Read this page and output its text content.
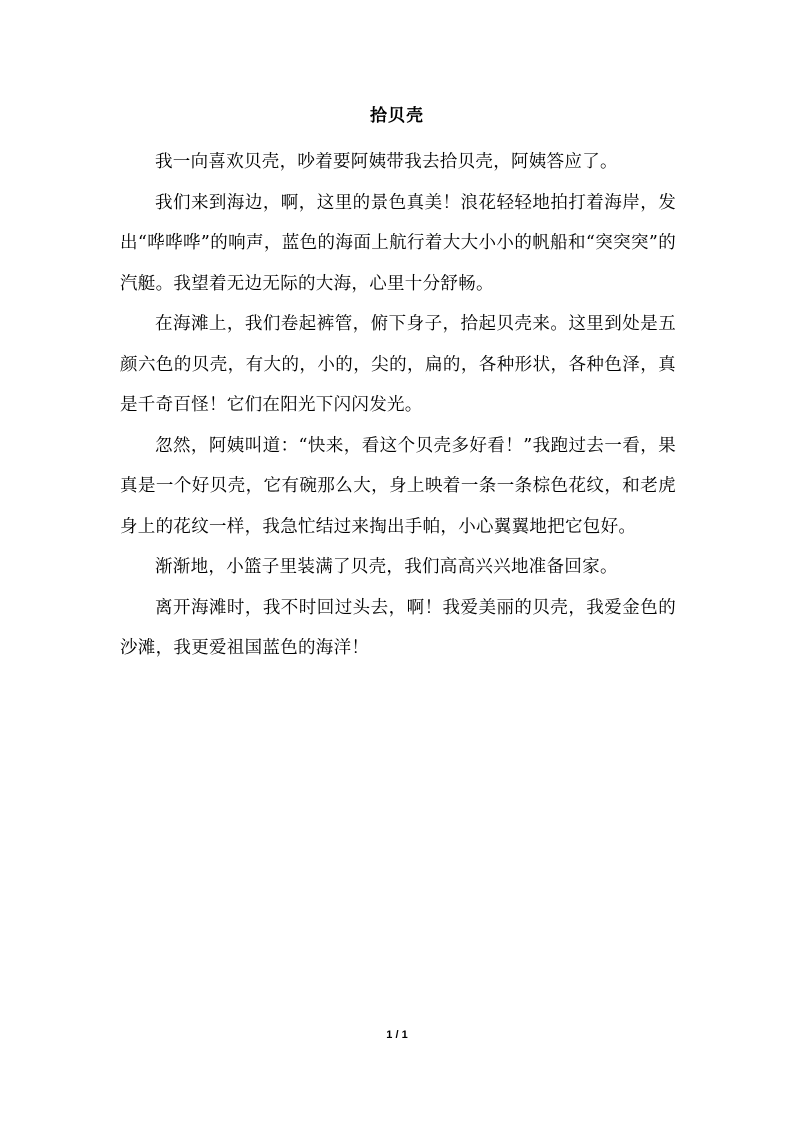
拾贝壳

我一向喜欢贝壳，吵着要阿姨带我去拾贝壳，阿姨答应了。

我们来到海边，啊，这里的景色真美！浪花轻轻地拍打着海岸，发出“哗哗哗”的响声，蓝色的海面上航行着大大小小的帆船和“突突突”的汽艇。我望着无边无际的大海，心里十分舒畅。

在海滩上，我们卷起裤管，俯下身子，拾起贝壳来。这里到处是五颜六色的贝壳，有大的，小的，尖的，扁的，各种形状，各种色泽，真是千奇百怪！它们在阳光下闪闪发光。

忽然，阿姨叫道：“快来，看这个贝壳多好看！”我跑过去一看，果真是一个好贝壳，它有碗那么大，身上映着一条一条棕色花纹，和老虎身上的花纹一样，我急忙结过来掏出手帕，小心翼翼地把它包好。

渐渐地，小篮子里装满了贝壳，我们高高兴兴地准备回家。

离开海滩时，我不时回过头去，啊！我爱美丽的贝壳，我爱金色的沙滩，我更爱祖国蓝色的海洋！

1 / 1
